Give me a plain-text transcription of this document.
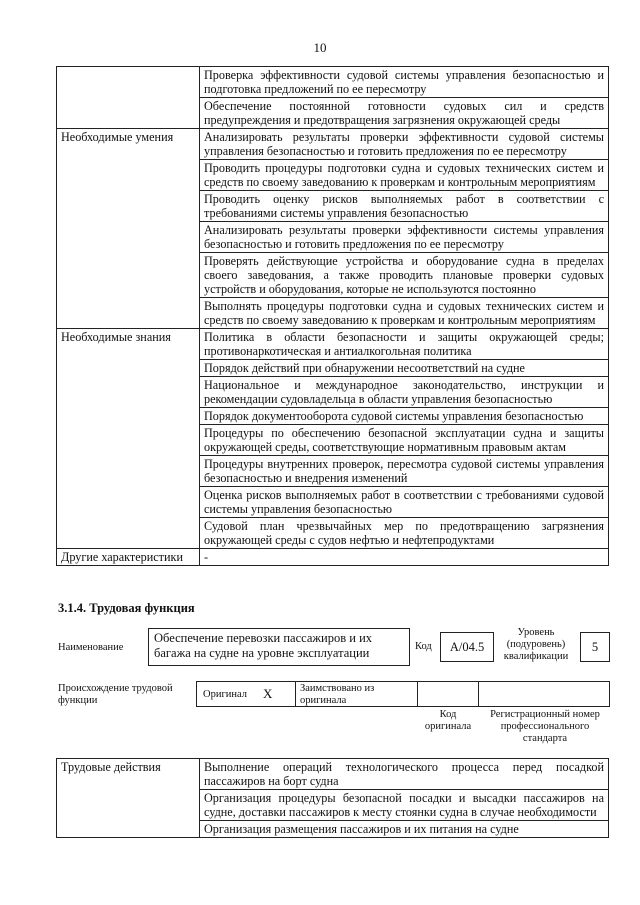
10
	Проверка эффективности судовой системы управления безопасностью и подготовка предложений по ее пересмотру
	Обеспечение постоянной готовности судовых сил и средств предупреждения и предотвращения загрязнения окружающей среды
Необходимые умения	Анализировать результаты проверки эффективности судовой системы управления безопасностью и готовить предложения по ее пересмотру
	Проводить процедуры подготовки судна и судовых технических систем и средств по своему заведованию к проверкам и контрольным мероприятиям
	Проводить оценку рисков выполняемых работ в соответствии с требованиями системы управления безопасностью
	Анализировать результаты проверки эффективности системы управления безопасностью и готовить предложения по ее пересмотру
	Проверять действующие устройства и оборудование судна в пределах своего заведования, а также проводить плановые проверки судовых устройств и оборудования, которые не используются постоянно
	Выполнять процедуры подготовки судна и судовых технических систем и средств по своему заведованию к проверкам и контрольным мероприятиям
Необходимые знания	Политика в области безопасности и защиты окружающей среды; противонаркотическая и антиалкогольная политика
	Порядок действий при обнаружении несоответствий на судне
	Национальное и международное законодательство, инструкции и рекомендации судовладельца в области управления безопасностью
	Порядок документооборота судовой системы управления безопасностью
	Процедуры по обеспечению безопасной эксплуатации судна и защиты окружающей среды, соответствующие нормативным правовым актам
	Процедуры внутренних проверок, пересмотра судовой системы управления безопасностью и внедрения изменений
	Оценка рисков выполняемых работ в соответствии с требованиями судовой системы управления безопасностью
	Судовой план чрезвычайных мер по предотвращению загрязнения окружающей среды с судов нефтью и нефтепродуктами
Другие характеристики	-
3.1.4. Трудовая функция
Наименование
Обеспечение перевозки пассажиров и их багажа на судне на уровне эксплуатации	Код	A/04.5
Уровень (подуровень) квалификации
5
Происхождение трудовой функции
Оригинал X	Заимствовано из оригинала
Код оригинала
Регистрационный номер профессионального стандарта
Трудовые действия	Выполнение операций технологического процесса перед посадкой пассажиров на борт судна
Организация процедуры безопасной посадки и высадки пассажиров на судне, доставки пассажиров к месту стоянки судна в случае необходимости
Организация размещения пассажиров и их питания на судне
